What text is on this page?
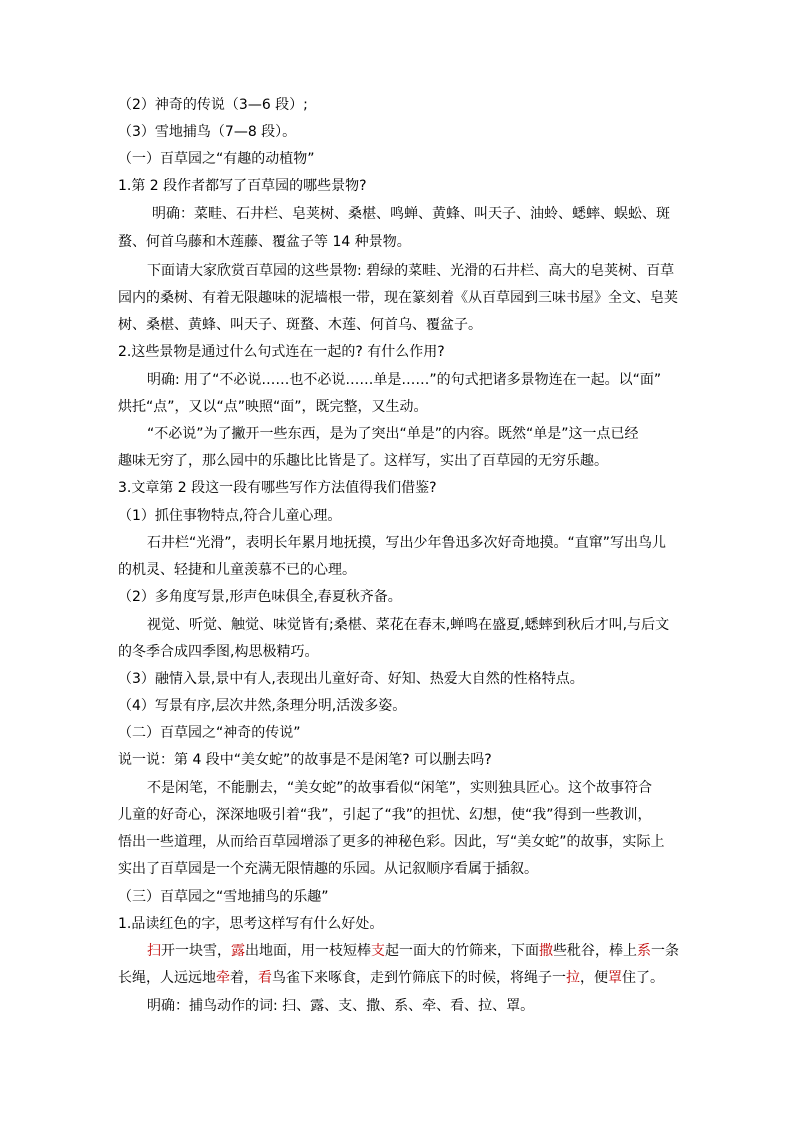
（2）神奇的传说（3—6 段）;
（3）雪地捕鸟（7—8 段）。
（一）百草园之“有趣的动植物”
1.第 2 段作者都写了百草园的哪些景物?
明确：菜畦、石井栏、皂荚树、桑椹、鸣蝉、黄蜂、叫天子、油蛉、蟋蟀、蜈蚣、斑
蝥、何首乌藤和木莲藤、覆盆子等 14 种景物。
下面请大家欣赏百草园的这些景物: 碧绿的菜畦、光滑的石井栏、高大的皂荚树、百草
园内的桑树、有着无限趣味的泥墙根一带，现在篆刻着《从百草园到三味书屋》全文、皂荚
树、桑椹、黄蜂、叫天子、斑蝥、木莲、何首乌、覆盆子。
2.这些景物是通过什么句式连在一起的? 有什么作用?
明确: 用了“不必说……也不必说……单是……”的句式把诸多景物连在一起。以“面”
烘托“点”，又以“点”映照“面”，既完整，又生动。
“不必说”为了撇开一些东西，是为了突出“单是”的内容。既然“单是”这一点已经
趣味无穷了，那么园中的乐趣比比皆是了。这样写，实出了百草园的无穷乐趣。
3.文章第 2 段这一段有哪些写作方法值得我们借鉴?
（1）抓住事物特点,符合儿童心理。
石井栏“光滑”，表明长年累月地抚摸，写出少年鲁迅多次好奇地摸。“直窜”写出鸟儿
的机灵、轻捷和儿童羡慕不已的心理。
（2）多角度写景,形声色味俱全,春夏秋齐备。
视觉、听觉、触觉、味觉皆有;桑椹、菜花在春末,蝉鸣在盛夏,蟋蟀到秋后才叫,与后文
的冬季合成四季图,构思极精巧。
（3）融情入景,景中有人,表现出儿童好奇、好知、热爱大自然的性格特点。
（4）写景有序,层次井然,条理分明,活泼多姿。
（二）百草园之“神奇的传说”
说一说：第 4 段中“美女蛇”的故事是不是闲笔? 可以删去吗?
不是闲笔，不能删去，“美女蛇”的故事看似“闲笔”，实则独具匠心。这个故事符合
儿童的好奇心，深深地吸引着“我”，引起了“我”的担忧、幻想，使“我”得到一些教训，
悟出一些道理，从而给百草园增添了更多的神秘色彩。因此，写“美女蛇”的故事，实际上
实出了百草园是一个充满无限情趣的乐园。从记叙顺序看属于插叙。
（三）百草园之“雪地捕鸟的乐趣”
1.品读红色的字，思考这样写有什么好处。
扫开一块雪，露出地面，用一枝短棒支起一面大的竹筛来，下面撒些秕谷，棒上系一条
长绳，人远远地牵着，看鸟雀下来啄食，走到竹筛底下的时候，将绳子一拉，便罩住了。
明确：捕鸟动作的词: 扫、露、支、撒、系、牵、看、拉、罩。
